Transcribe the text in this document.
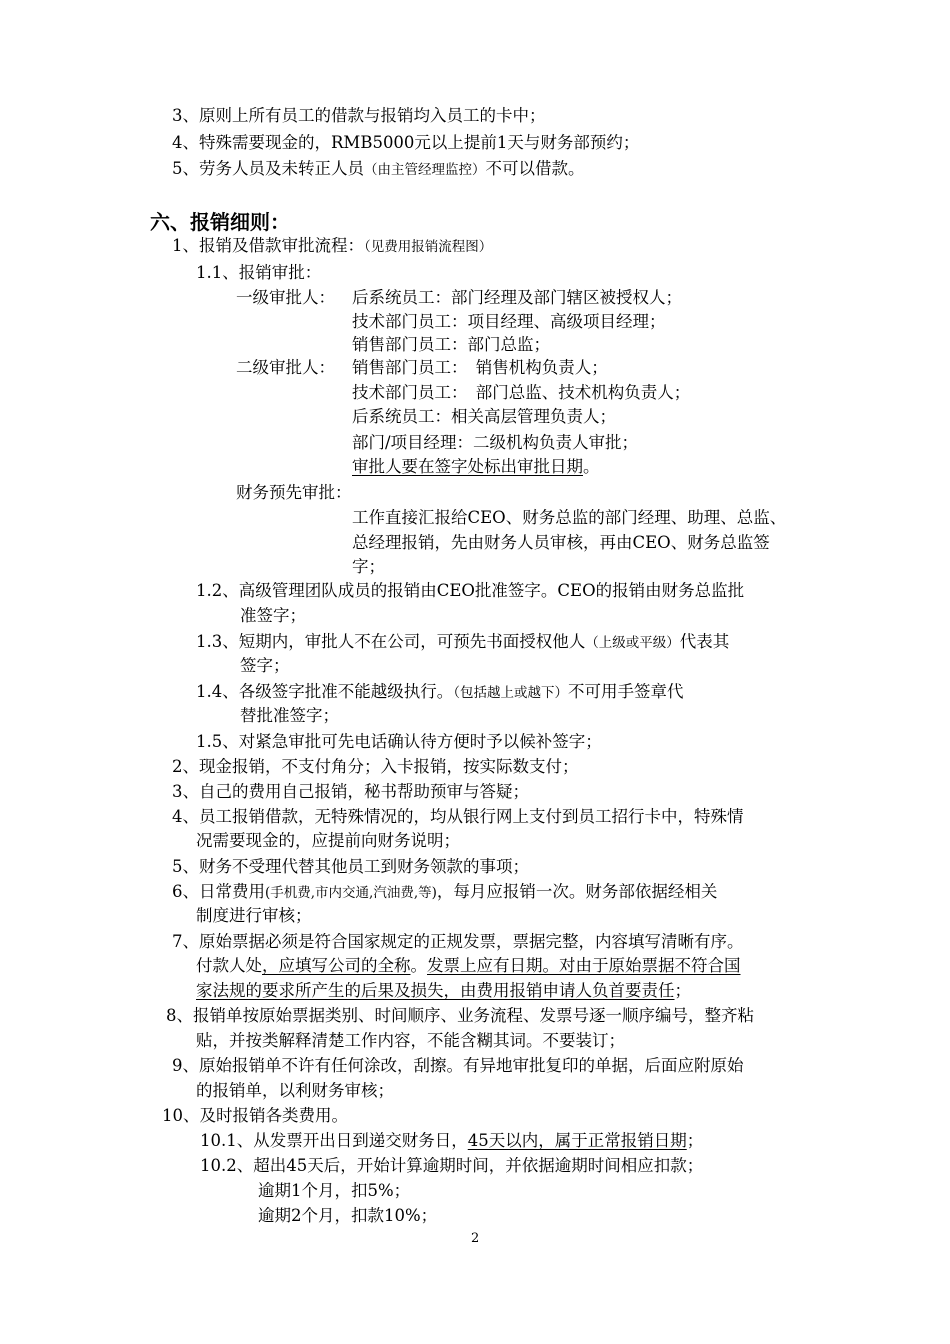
3、原则上所有员工的借款与报销均入员工的卡中；
4、特殊需要现金的，RMB5000元以上提前1天与财务部预约；
5、劳务人员及未转正人员（由主管经理监控）不可以借款。
六、报销细则：
1、报销及借款审批流程：（见费用报销流程图）
1.1、报销审批：
一级审批人： 后系统员工：部门经理及部门辖区被授权人；
技术部门员工：项目经理、高级项目经理；
销售部门员工：部门总监；
二级审批人： 销售部门员工：　销售机构负责人；
技术部门员工：　部门总监、技术机构负责人；
后系统员工：相关高层管理负责人；
部门/项目经理：二级机构负责人审批；
审批人要在签字处标出审批日期。
财务预先审批：
工作直接汇报给CEO、财务总监的部门经理、助理、总监、
总经理报销，先由财务人员审核，再由CEO、财务总监签
字；
1.2、高级管理团队成员的报销由CEO批准签字。CEO的报销由财务总监批
准签字；
1.3、短期内，审批人不在公司，可预先书面授权他人（上级或平级）代表其
签字；
1.4、各级签字批准不能越级执行。（包括越上或越下）不可用手签章代
替批准签字；
1.5、对紧急审批可先电话确认待方便时予以候补签字；
2、现金报销，不支付角分；入卡报销，按实际数支付；
3、自己的费用自己报销，秘书帮助预审与答疑；
4、员工报销借款，无特殊情况的，均从银行网上支付到员工招行卡中，特殊情
况需要现金的，应提前向财务说明；
5、财务不受理代替其他员工到财务领款的事项；
6、日常费用(手机费,市内交通,汽油费,等)，每月应报销一次。财务部依据经相关
制度进行审核；
7、原始票据必须是符合国家规定的正规发票，票据完整，内容填写清晰有序。
付款人处，应填写公司的全称。发票上应有日期。对由于原始票据不符合国
家法规的要求所产生的后果及损失，由费用报销申请人负首要责任；
8、报销单按原始票据类别、时间顺序、业务流程、发票号逐一顺序编号，整齐粘
贴，并按类解释清楚工作内容，不能含糊其词。不要装订；
9、原始报销单不许有任何涂改，刮擦。有异地审批复印的单据，后面应附原始
的报销单，以利财务审核；
10、及时报销各类费用。
10.1、从发票开出日到递交财务日，45天以内，属于正常报销日期；
10.2、超出45天后，开始计算逾期时间，并依据逾期时间相应扣款；
逾期1个月，扣5%；
逾期2个月，扣款10%；
2
